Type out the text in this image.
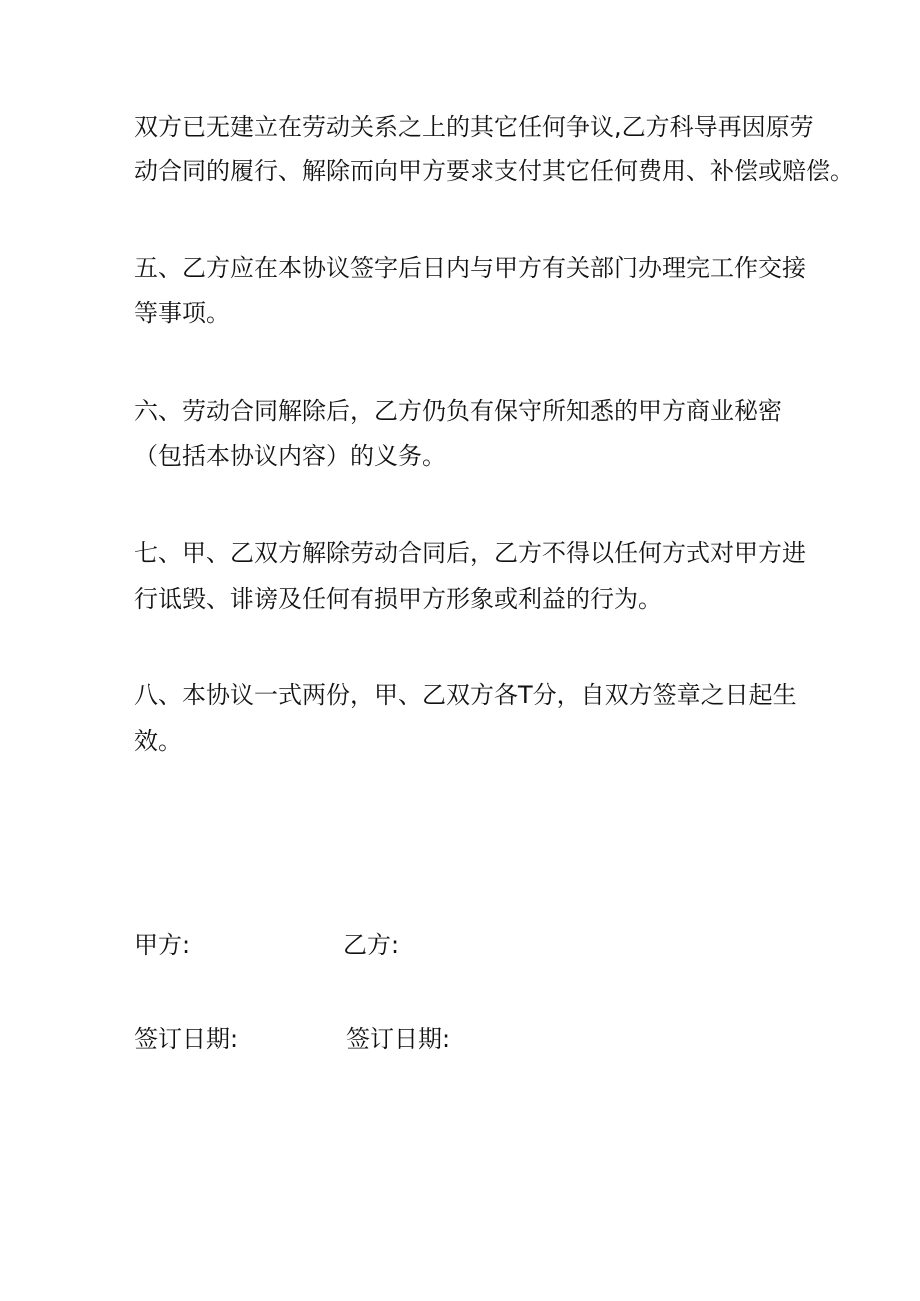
双方已无建立在劳动关系之上的其它任何争议,乙方科导再因原劳
动合同的履行、解除而向甲方要求支付其它任何费用、补偿或赔偿。
五、乙方应在本协议签字后日内与甲方有关部门办理完工作交接
等事项。
六、劳动合同解除后，乙方仍负有保守所知悉的甲方商业秘密
（包括本协议内容）的义务。
七、甲、乙双方解除劳动合同后，乙方不得以任何方式对甲方进
行诋毁、诽谤及任何有损甲方形象或利益的行为。
八、本协议一式两份，甲、乙双方各T分，自双方签章之日起生
效。
甲方:	乙方:
签订日期:	签订日期:
